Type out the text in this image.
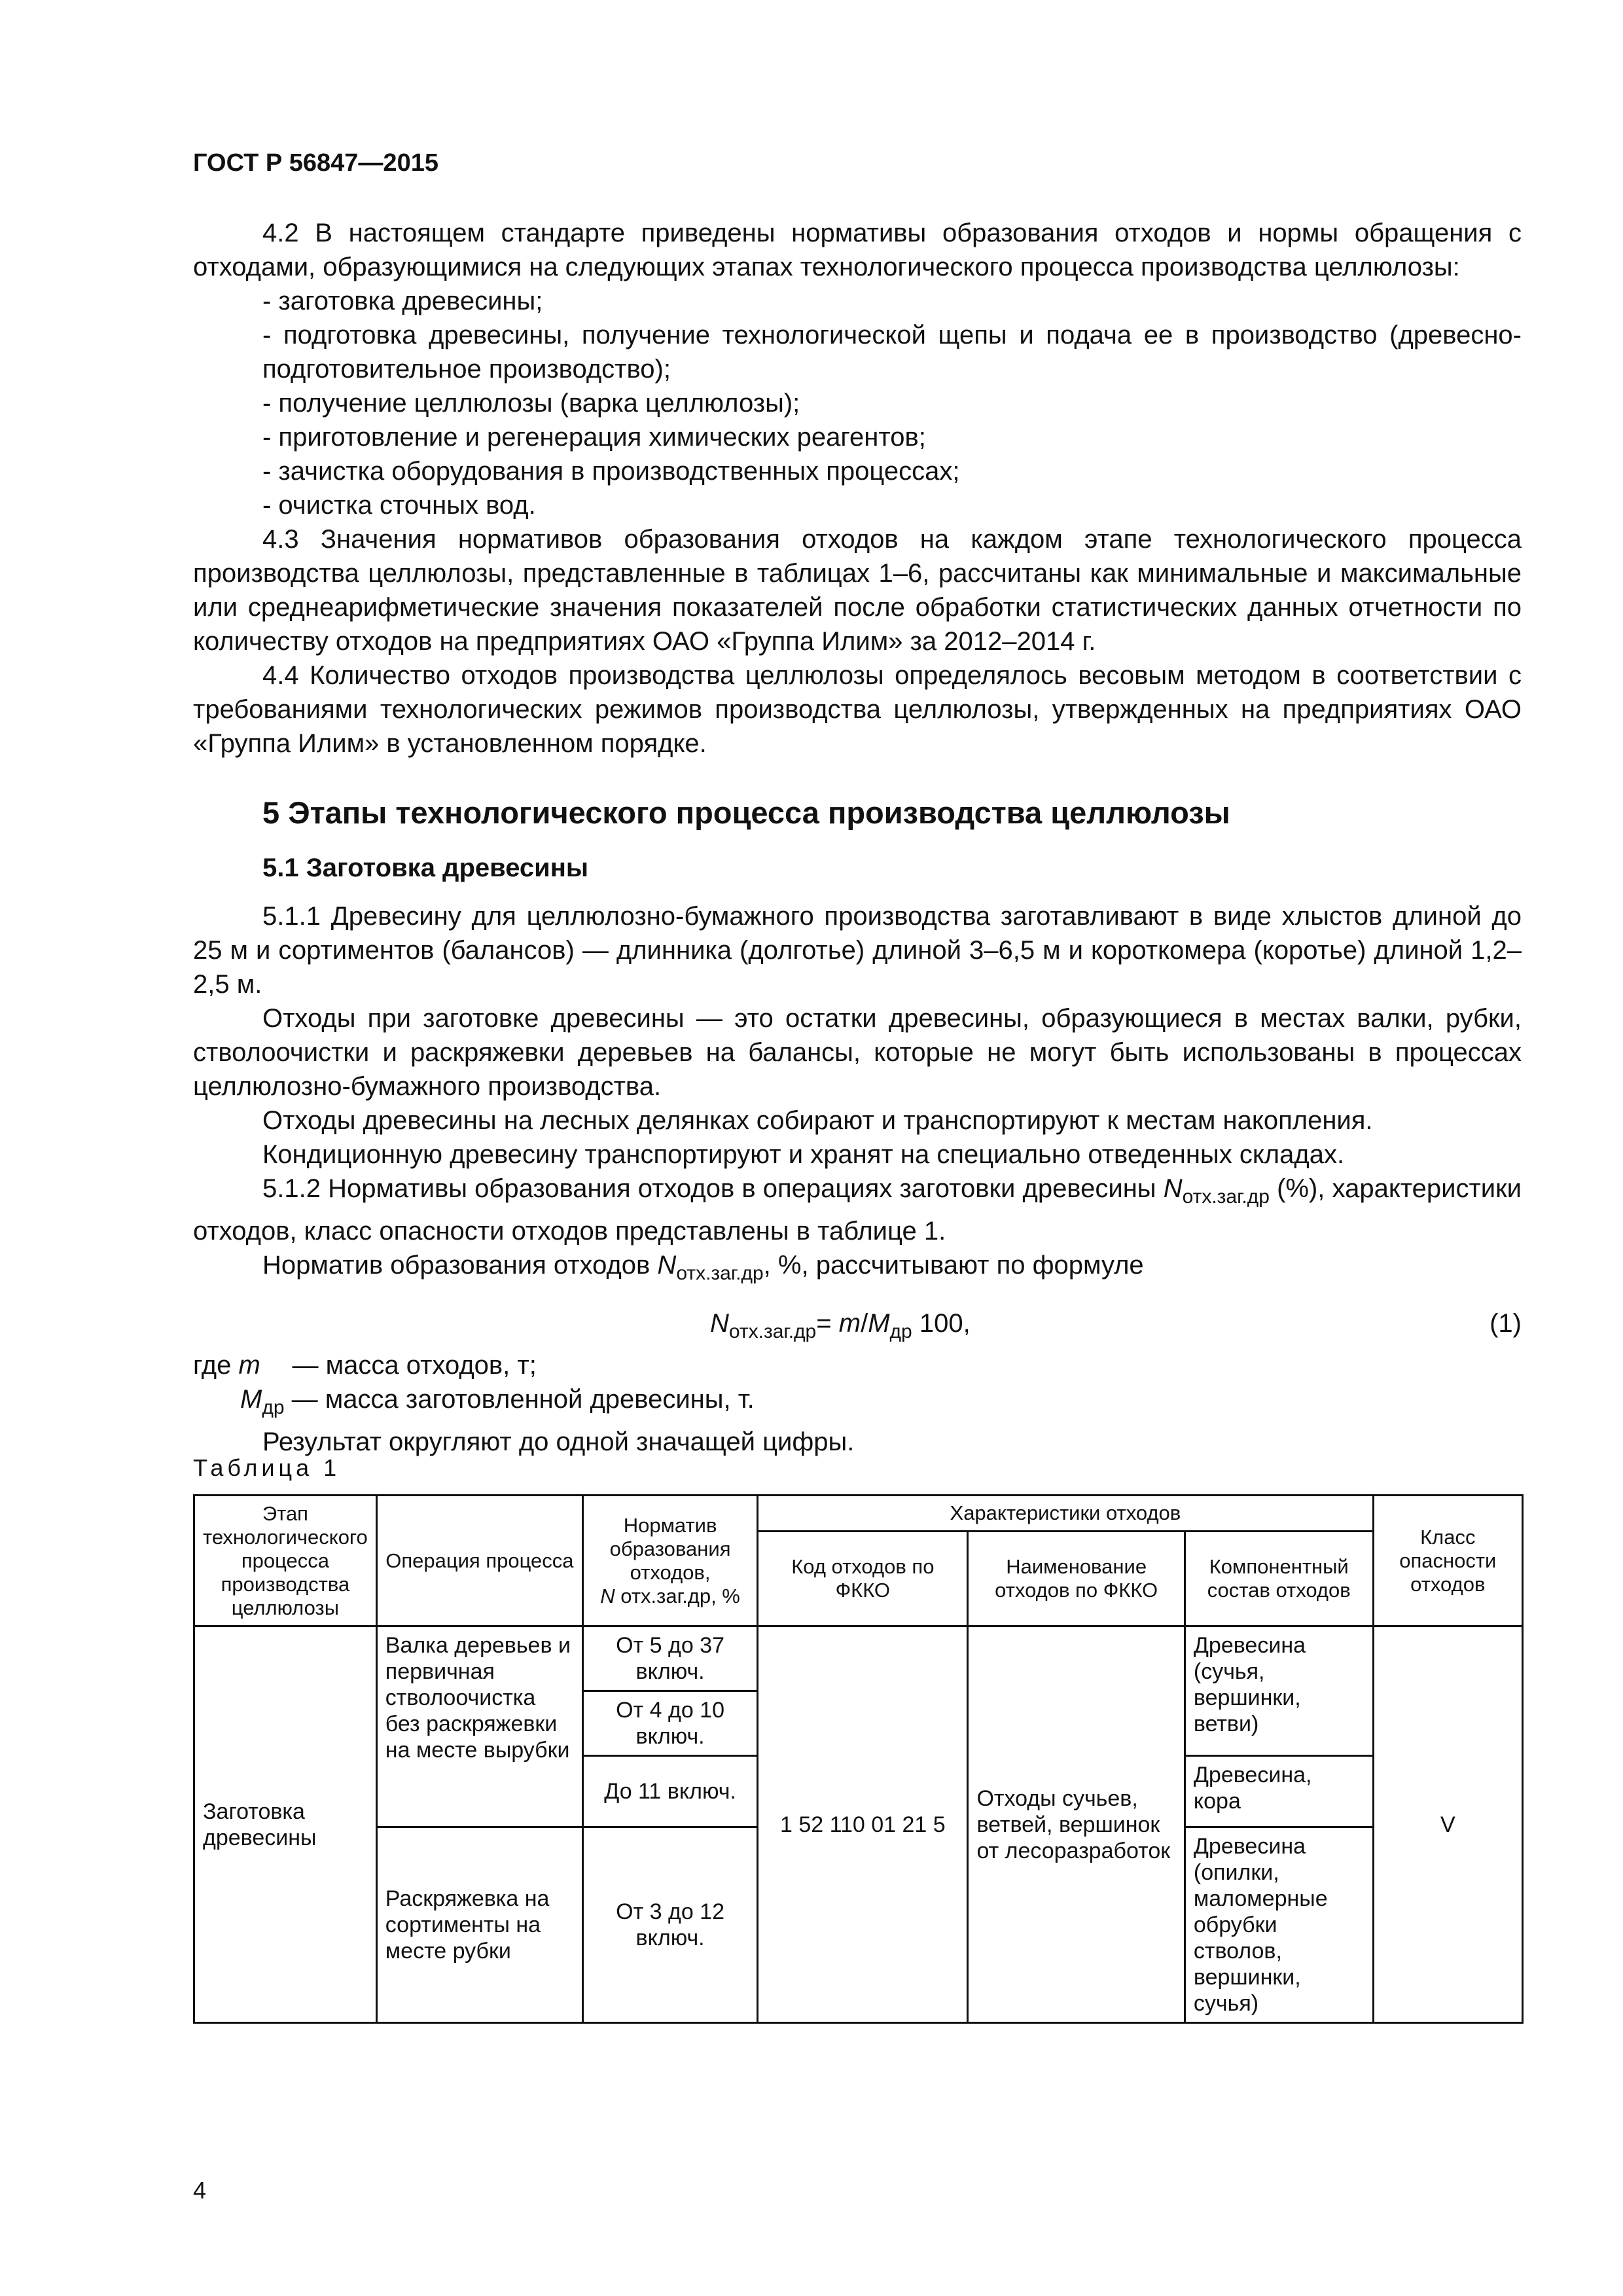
ГОСТ Р 56847—2015

4.2 В настоящем стандарте приведены нормативы образования отходов и нормы обращения с отходами, образующимися на следующих этапах технологического процесса производства целлюлозы:

- заготовка древесины;

- подготовка древесины, получение технологической щепы и подача ее в производство (древесно-подготовительное производство);

- получение целлюлозы (варка целлюлозы);

- приготовление и регенерация химических реагентов;

- зачистка оборудования в производственных процессах;

- очистка сточных вод.

4.3 Значения нормативов образования отходов на каждом этапе технологического процесса производства целлюлозы, представленные в таблицах 1–6, рассчитаны как минимальные и максимальные или среднеарифметические значения показателей после обработки статистических данных отчетности по количеству отходов на предприятиях ОАО «Группа Илим» за 2012–2014 г.

4.4 Количество отходов производства целлюлозы определялось весовым методом в соответствии с требованиями технологических режимов производства целлюлозы, утвержденных на предприятиях ОАО «Группа Илим» в установленном порядке.

5 Этапы технологического процесса производства целлюлозы
5.1 Заготовка древесины

5.1.1 Древесину для целлюлозно-бумажного производства заготавливают в виде хлыстов длиной до 25 м и сортиментов (балансов) — длинника (долготье) длиной 3–6,5 м и короткомера (коротье) длиной 1,2–2,5 м.

Отходы при заготовке древесины — это остатки древесины, образующиеся в местах валки, рубки, стволоочистки и раскряжевки деревьев на балансы, которые не могут быть использованы в процессах целлюлозно-бумажного производства.

Отходы древесины на лесных делянках собирают и транспортируют к местам накопления.

Кондиционную древесину транспортируют и хранят на специально отведенных складах.

5.1.2 Нормативы образования отходов в операциях заготовки древесины $N_{отх.заг.др}$ (%), характеристики отходов, класс опасности отходов представлены в таблице 1.

Норматив образования отходов $N_{отх.заг.др}$, %, рассчитывают по формуле

$N_{отх.заг.др}= m/M_{др}$ 100,	(1)

где m — масса отходов, т;

$M_{др}$ — масса заготовленной древесины, т.

Результат округляют до одной значащей цифры.

Таблица 1
Этап технологического процесса производства целлюлозы	Операция процесса	Норматив образования отходов,
N отх.заг.др, %	Характеристики отходов			Класс опасности отходов
			Код отходов по ФККО	Наименование отходов по ФККО	Компонентный состав отходов	
Заготовка древесины	Валка деревьев и первичная стволоочистка без раскряжевки на месте вырубки	От 5 до 37 включ.	1 52 110 01 21 5	Отходы сучьев, ветвей, вершинок от лесоразработок	Древесина (сучья, вершинки, ветви)	V
		От 4 до 10 включ.				
		До 11 включ.			Древесина, кора	
	Раскряжевка на сортименты на месте рубки	От 3 до 12 включ.			Древесина (опилки, маломерные обрубки стволов, вершинки, сучья)	
4
